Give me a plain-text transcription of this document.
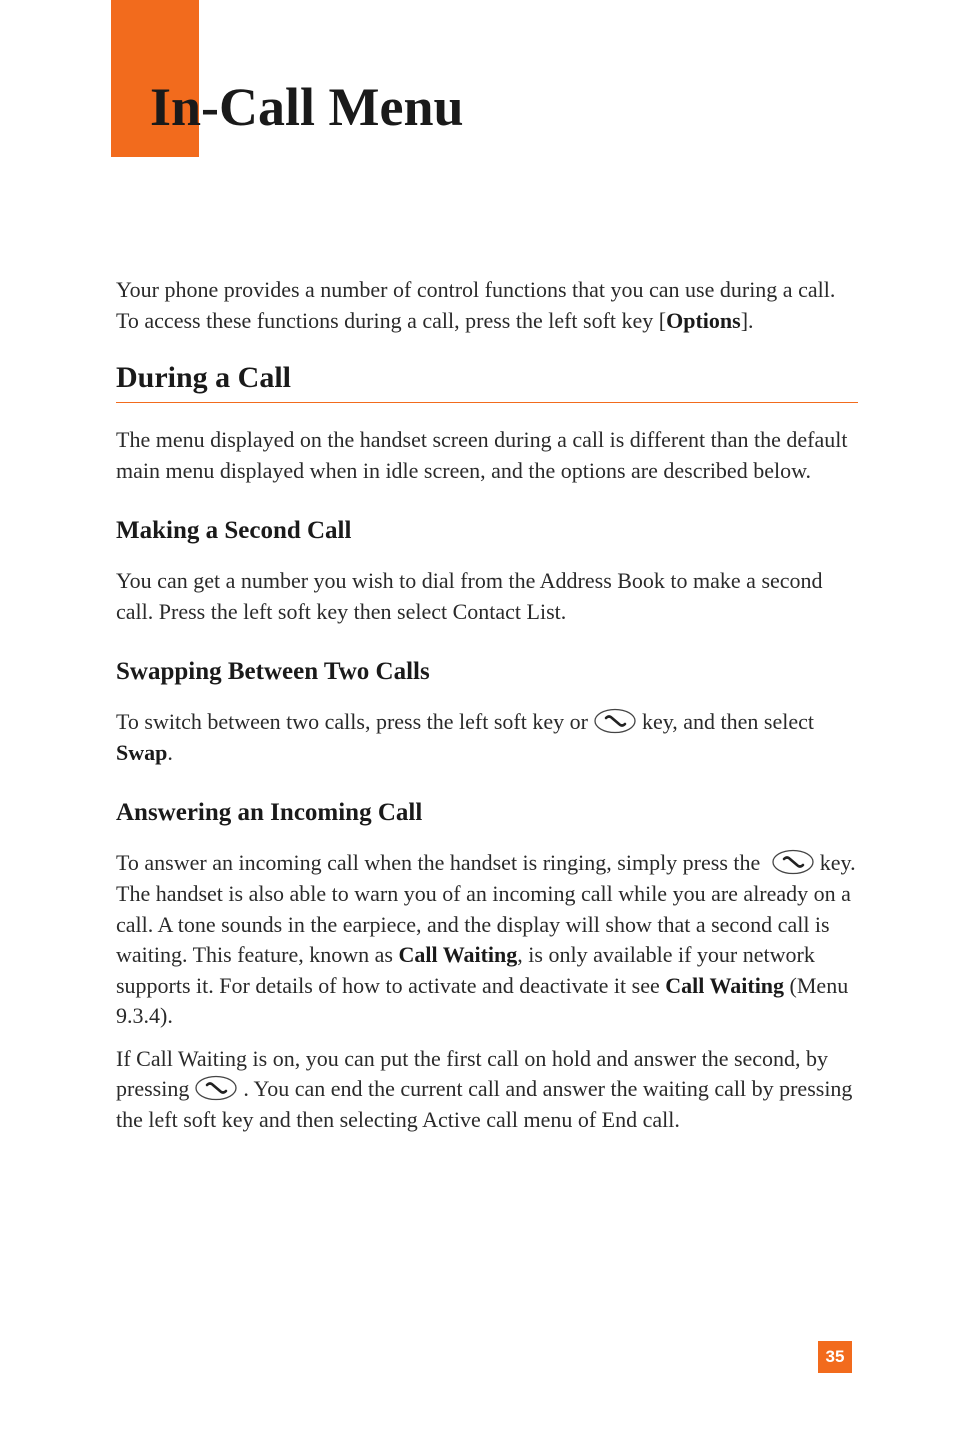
In-Call Menu

Your phone provides a number of control functions that you can use during a call. To access these functions during a call, press the left soft key [Options].

During a Call

The menu displayed on the handset screen during a call is different than the default main menu displayed when in idle screen, and the options are described below.

Making a Second Call

You can get a number you wish to dial from the Address Book to make a second call. Press the left soft key then select Contact List.

Swapping Between Two Calls

To switch between two calls, press the left soft key or key, and then select Swap.

Answering an Incoming Call

To answer an incoming call when the handset is ringing, simply press the	key. The handset is also able to warn you of an incoming call while you are already on a call. A tone sounds in the earpiece, and the display will show that a second call is waiting. This feature, known as Call Waiting, is only available if your network supports it. For details of how to activate and deactivate it see Call Waiting (Menu 9.3.4).

If Call Waiting is on, you can put the first call on hold and answer the second, by pressing . You can end the current call and answer the waiting call by pressing the left soft key and then selecting Active call menu of End call.

35
